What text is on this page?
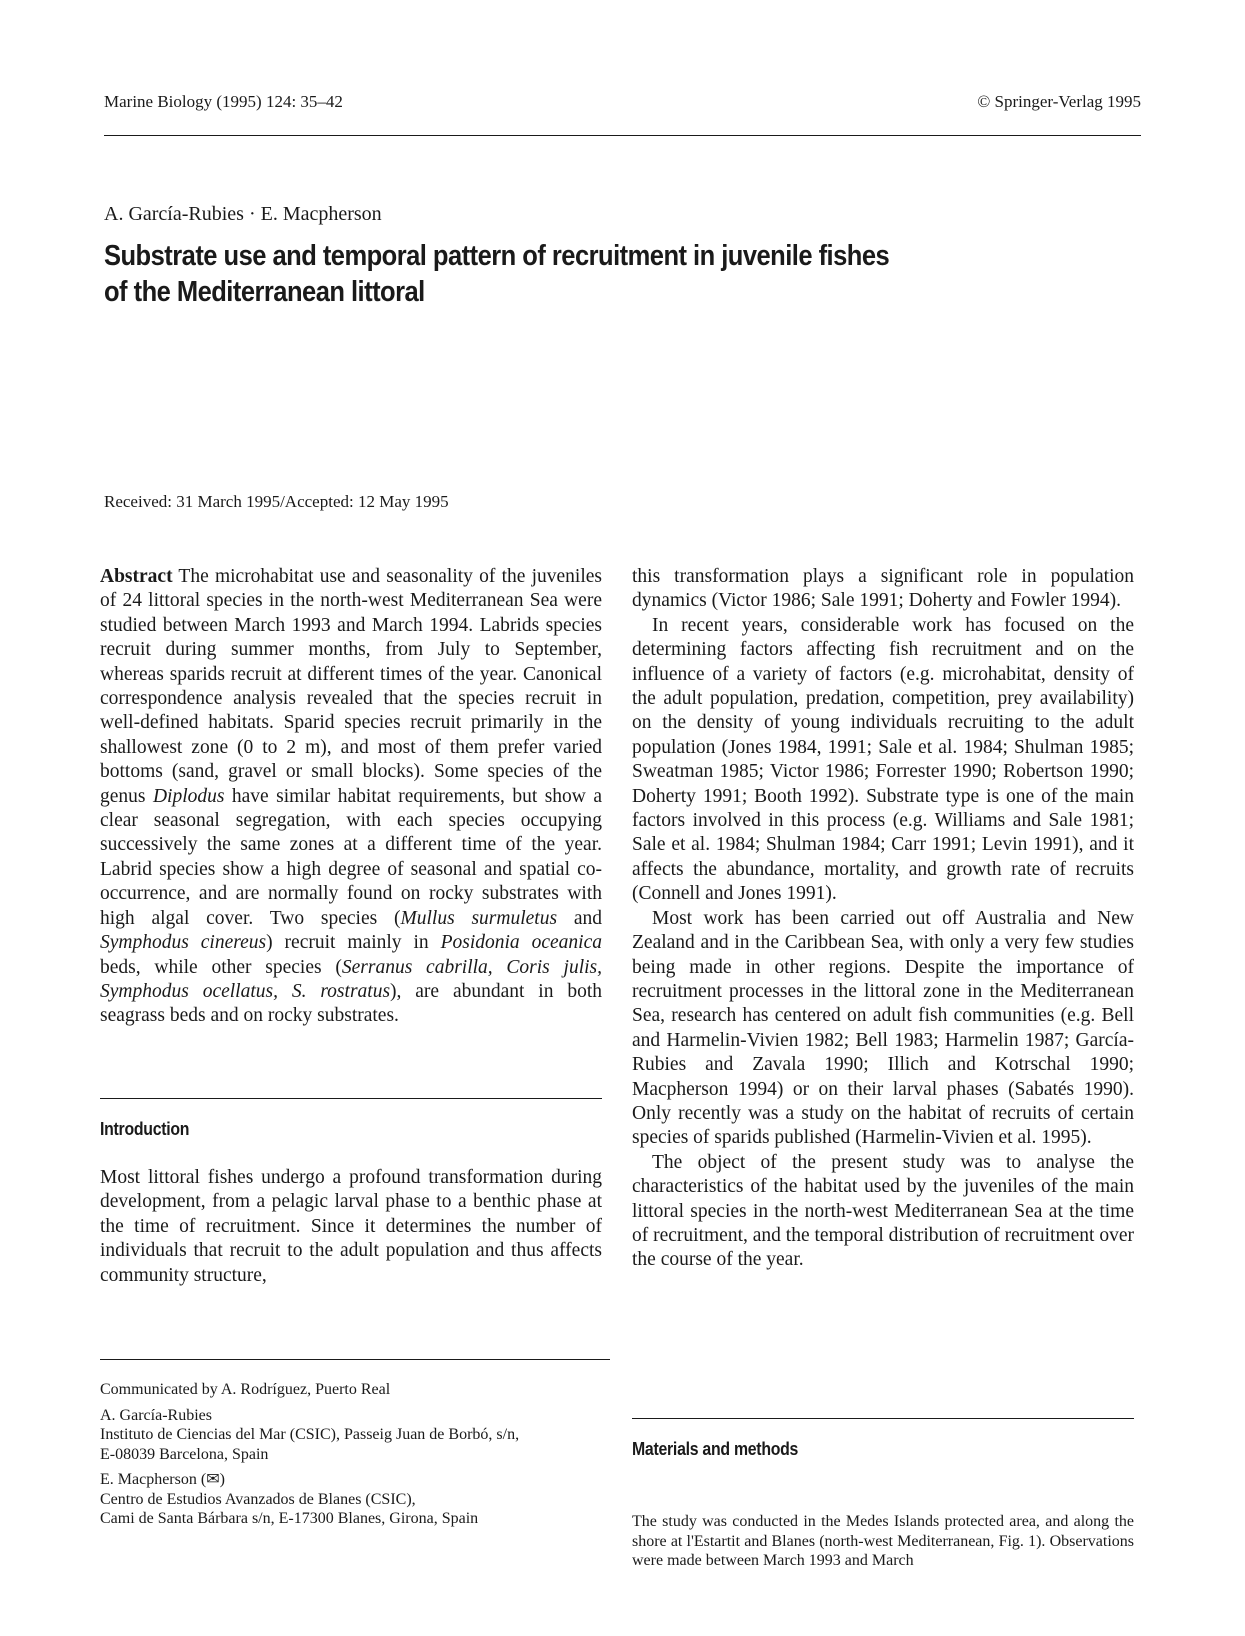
Marine Biology (1995) 124: 35–42	© Springer-Verlag 1995
A. García-Rubies · E. Macpherson
Substrate use and temporal pattern of recruitment in juvenile fishes
of the Mediterranean littoral
Received: 31 March 1995/Accepted: 12 May 1995

Abstract The microhabitat use and seasonality of the juveniles of 24 littoral species in the north-west Mediterranean Sea were studied between March 1993 and March 1994. Labrids species recruit during summer months, from July to September, whereas sparids recruit at different times of the year. Canonical correspondence analysis revealed that the species recruit in well-defined habitats. Sparid species recruit primarily in the shallowest zone (0 to 2 m), and most of them prefer varied bottoms (sand, gravel or small blocks). Some species of the genus Diplodus have similar habitat requirements, but show a clear seasonal segregation, with each species occupying successively the same zones at a different time of the year. Labrid species show a high degree of seasonal and spatial co-occurrence, and are normally found on rocky substrates with high algal cover. Two species (Mullus surmuletus and Symphodus cinereus) recruit mainly in Posidonia oceanica beds, while other species (Serranus cabrilla, Coris julis, Symphodus ocellatus, S. rostratus), are abundant in both seagrass beds and on rocky substrates.

Introduction

Most littoral fishes undergo a profound transformation during development, from a pelagic larval phase to a benthic phase at the time of recruitment. Since it determines the number of individuals that recruit to the adult population and thus affects community structure,

this transformation plays a significant role in population dynamics (Victor 1986; Sale 1991; Doherty and Fowler 1994).

In recent years, considerable work has focused on the determining factors affecting fish recruitment and on the influence of a variety of factors (e.g. microhabitat, density of the adult population, predation, competition, prey availability) on the density of young individuals recruiting to the adult population (Jones 1984, 1991; Sale et al. 1984; Shulman 1985; Sweatman 1985; Victor 1986; Forrester 1990; Robertson 1990; Doherty 1991; Booth 1992). Substrate type is one of the main factors involved in this process (e.g. Williams and Sale 1981; Sale et al. 1984; Shulman 1984; Carr 1991; Levin 1991), and it affects the abundance, mortality, and growth rate of recruits (Connell and Jones 1991).

Most work has been carried out off Australia and New Zealand and in the Caribbean Sea, with only a very few studies being made in other regions. Despite the importance of recruitment processes in the littoral zone in the Mediterranean Sea, research has centered on adult fish communities (e.g. Bell and Harmelin-Vivien 1982; Bell 1983; Harmelin 1987; García-Rubies and Zavala 1990; Illich and Kotrschal 1990; Macpherson 1994) or on their larval phases (Sabatés 1990). Only recently was a study on the habitat of recruits of certain species of sparids published (Harmelin-Vivien et al. 1995).

The object of the present study was to analyse the characteristics of the habitat used by the juveniles of the main littoral species in the north-west Mediterranean Sea at the time of recruitment, and the temporal distribution of recruitment over the course of the year.

Communicated by A. Rodríguez, Puerto Real

A. García-Rubies
Instituto de Ciencias del Mar (CSIC), Passeig Juan de Borbó, s/n,
E-08039 Barcelona, Spain

E. Macpherson (✉)
Centro de Estudios Avanzados de Blanes (CSIC),
Cami de Santa Bárbara s/n, E-17300 Blanes, Girona, Spain

Materials and methods

The study was conducted in the Medes Islands protected area, and along the shore at l'Estartit and Blanes (north-west Mediterranean, Fig. 1). Observations were made between March 1993 and March
